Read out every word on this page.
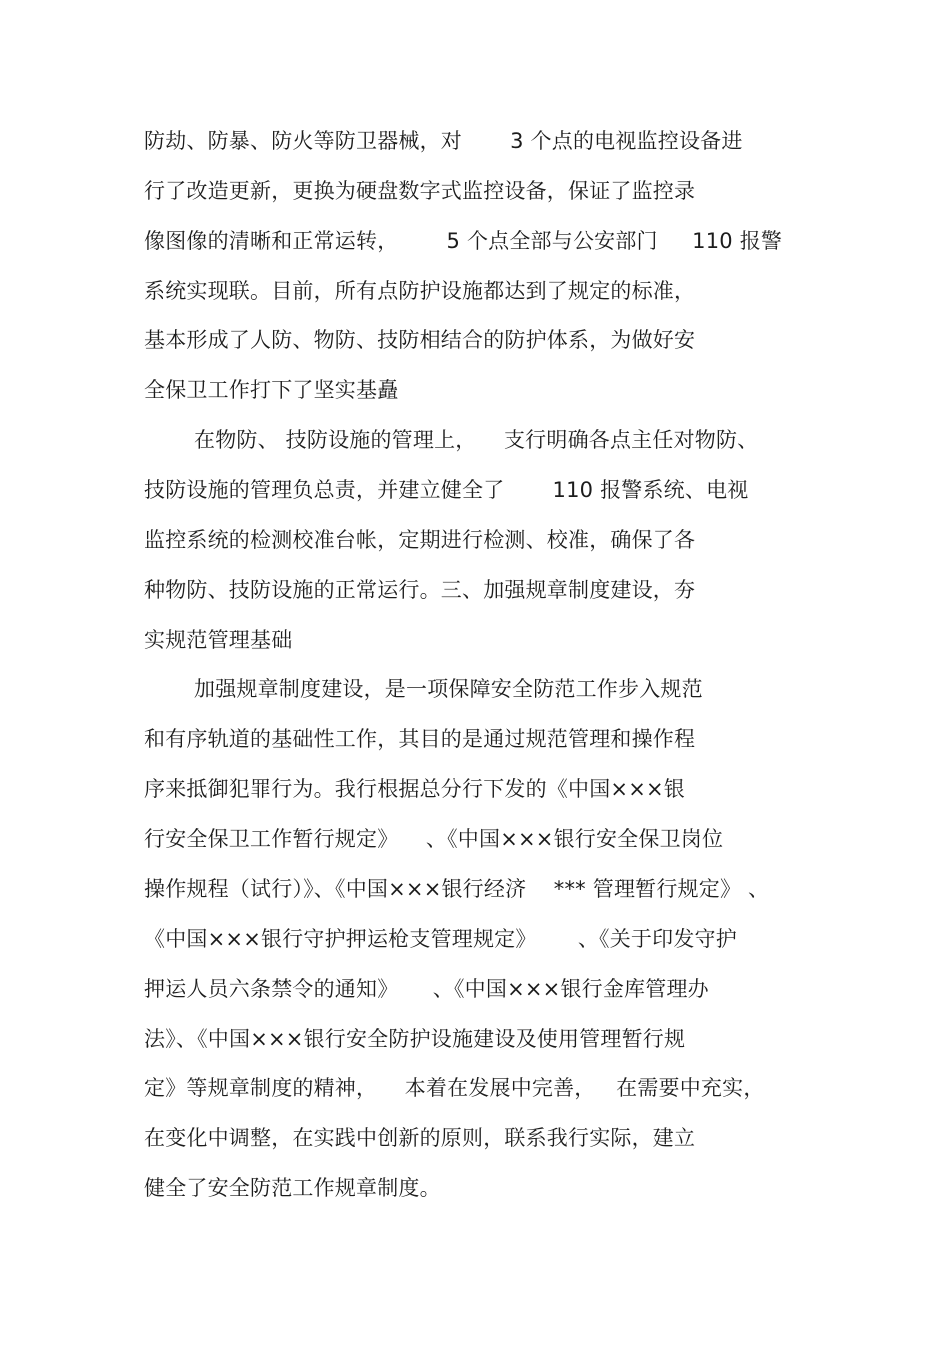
防劫、防暴、防火等防卫器械，对       3 个点的电视监控设备进
行了改造更新，更换为硬盘数字式监控设备，保证了监控录
像图像的清晰和正常运转，       5 个点全部与公安部门     110 报警
系统实现联。目前，所有点防护设施都达到了规定的标准，
基本形成了人防、物防、技防相结合的防护体系，为做好安
全保卫工作打下了坚实基矗
在物防、 技防设施的管理上，    支行明确各点主任对物防、
技防设施的管理负总责，并建立健全了       110 报警系统、电视
监控系统的检测校准台帐，定期进行检测、校准，确保了各
种物防、技防设施的正常运行。三、加强规章制度建设，夯
实规范管理基础
加强规章制度建设，是一项保障安全防范工作步入规范
和有序轨道的基础性工作，其目的是通过规范管理和操作程
序来抵御犯罪行为。我行根据总分行下发的《中国×××银
行安全保卫工作暂行规定》    、《中国×××银行安全保卫岗位
操作规程（试行）》、《中国×××银行经济    *** 管理暂行规定》 、
《中国×××银行守护押运枪支管理规定》      、《关于印发守护
押运人员六条禁令的通知》     、《中国×××银行金库管理办
法》、《中国×××银行安全防护设施建设及使用管理暂行规
定》等规章制度的精神，    本着在发展中完善，   在需要中充实，
在变化中调整，在实践中创新的原则，联系我行实际，建立
健全了安全防范工作规章制度。
